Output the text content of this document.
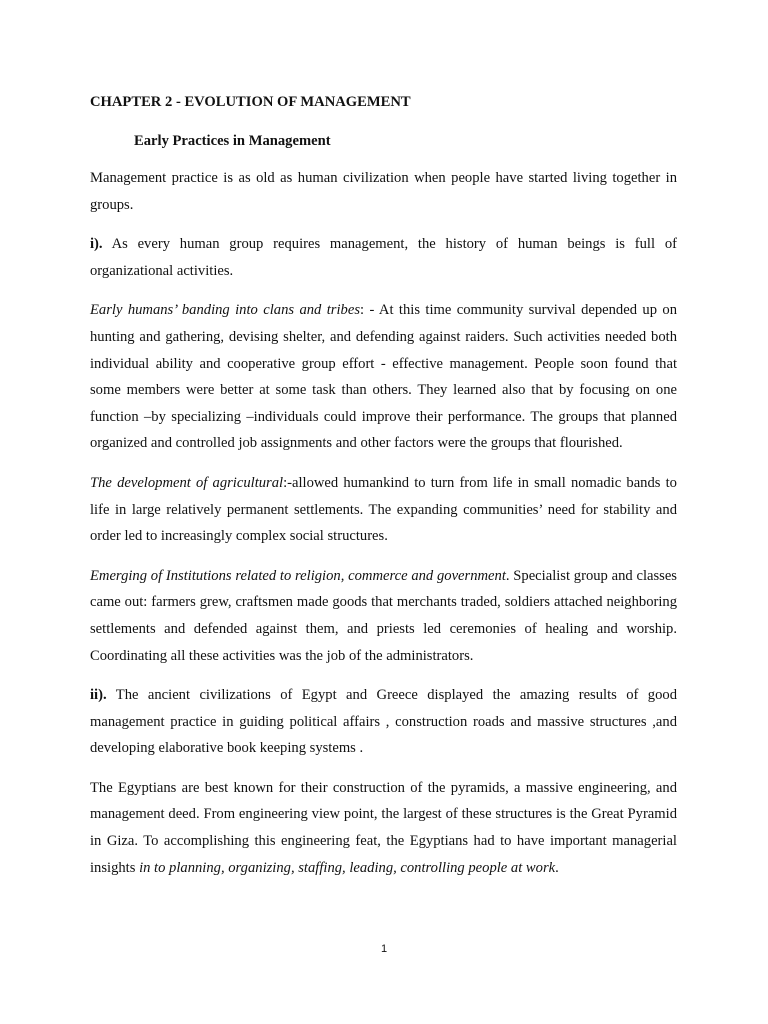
CHAPTER 2 - EVOLUTION OF MANAGEMENT
Early Practices in Management

Management practice is as old as human civilization when people have started living together in groups.

i). As every human group requires management, the history of human beings is full of organizational activities.

Early humans’ banding into clans and tribes: - At this time community survival depended up on hunting and gathering, devising shelter, and defending against raiders. Such activities needed both individual ability and cooperative group effort - effective management. People soon found that some members were better at some task than others. They learned also that by focusing on one function –by specializing –individuals could improve their performance. The groups that planned organized and controlled job assignments and other factors were the groups that flourished.

The development of agricultural:-allowed humankind to turn from life in small nomadic bands to life in large relatively permanent settlements. The expanding communities’ need for stability and order led to increasingly complex social structures.

Emerging of Institutions related to religion, commerce and government. Specialist group and classes came out: farmers grew, craftsmen made goods that merchants traded, soldiers attached neighboring settlements and defended against them, and priests led ceremonies of healing and worship. Coordinating all these activities was the job of the administrators.

ii). The ancient civilizations of Egypt and Greece displayed the amazing results of good management practice in guiding political affairs , construction roads and massive structures ,and developing elaborative book keeping systems .

The Egyptians are best known for their construction of the pyramids, a massive engineering, and management deed. From engineering view point, the largest of these structures is the Great Pyramid in Giza. To accomplishing this engineering feat, the Egyptians had to have important managerial insights in to planning, organizing, staffing, leading, controlling people at work.

1
